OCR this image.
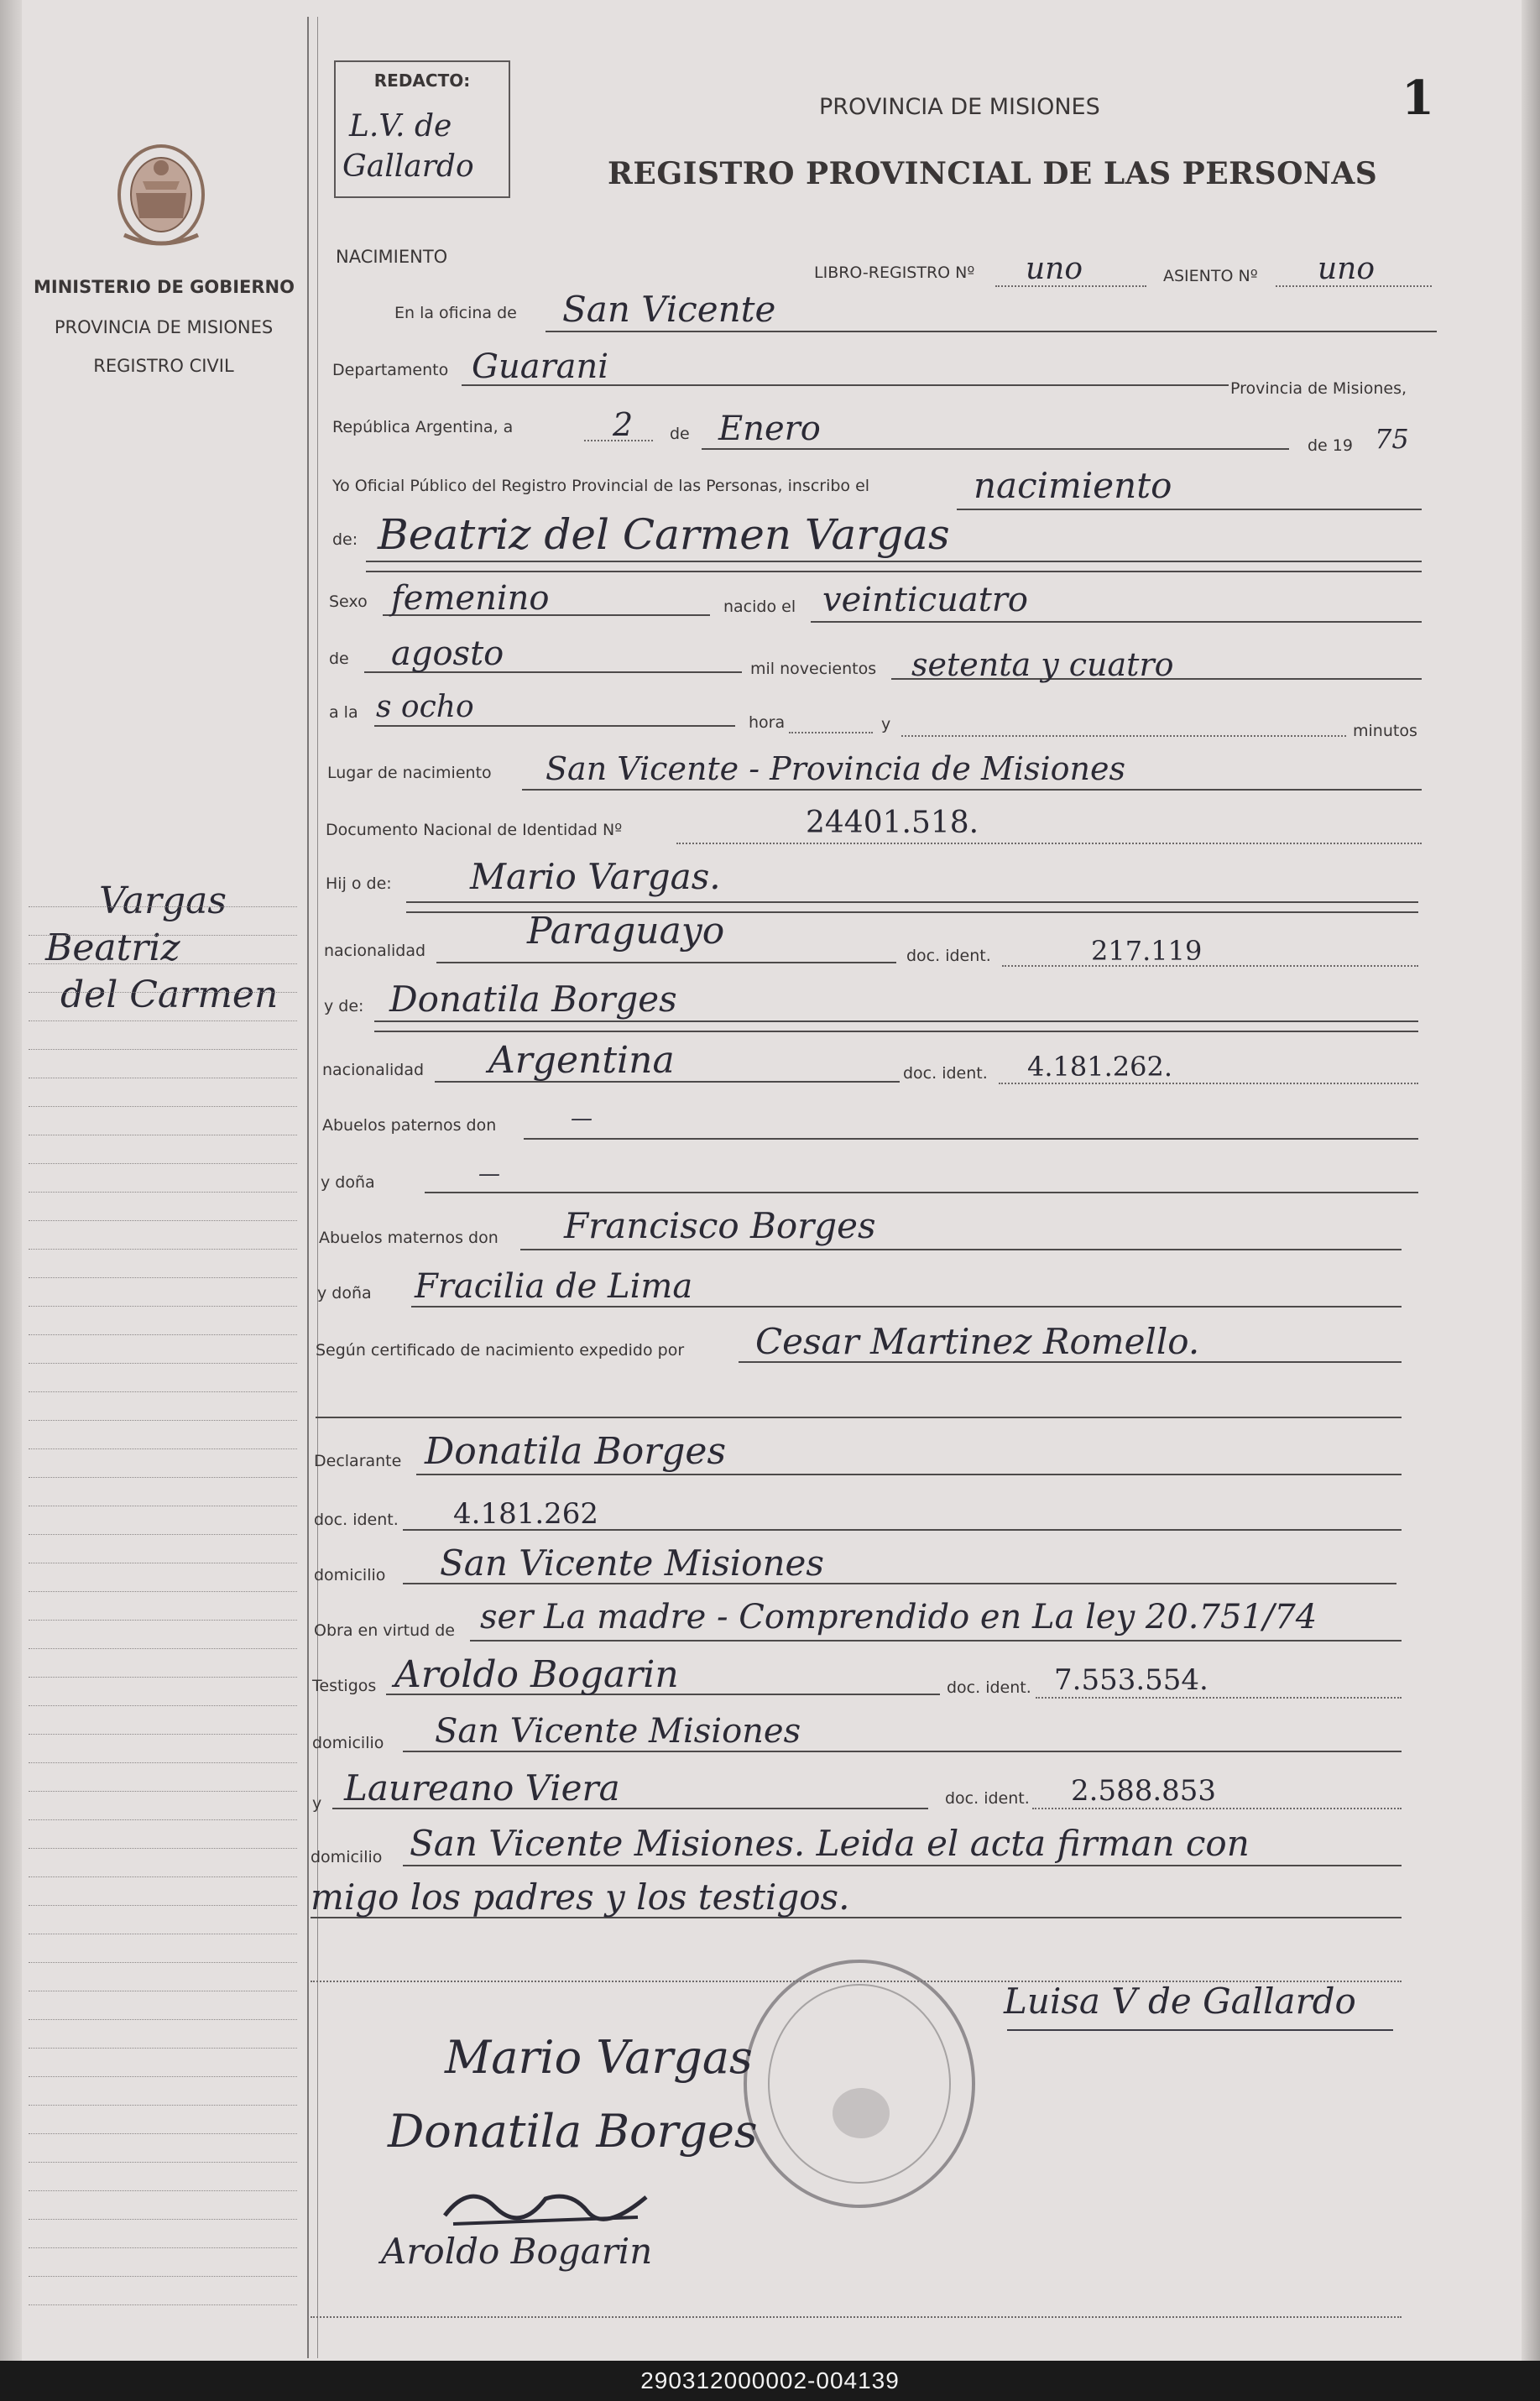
MINISTERIO DE GOBIERNO
PROVINCIA DE MISIONES
REGISTRO CIVIL
Vargas
Beatriz
del Carmen
REDACTO:
L.V. de
Gallardo
PROVINCIA DE MISIONES
REGISTRO PROVINCIAL DE LAS PERSONAS
1
NACIMIENTO
LIBRO-REGISTRO Nº uno	ASIENTO Nº uno
En la oficina de San Vicente
Departamento Guarani
Provincia de Misiones,
República Argentina, a	2 de Enero	de 19 75
Yo Oficial Público del Registro Provincial de las Personas, inscribo el	nacimiento
de: Beatriz del Carmen Vargas
Sexo femenino	nacido el veinticuatro
de agosto	mil novecientos setenta y cuatro
a la s ocho	hora	y	minutos
Lugar de nacimiento San Vicente - Provincia de Misiones
Documento Nacional de Identidad Nº	24401.518.
Hij o de: Mario Vargas.
nacionalidad	Paraguayo
doc. ident.	217.119
y de: Donatila Borges
nacionalidad Argentina	doc. ident. 4.181.262.
Abuelos paternos don	—
y doña	—
Abuelos maternos don Francisco Borges
y doña Fracilia de Lima
Según certificado de nacimiento expedido por Cesar Martinez Romello.
Declarante Donatila Borges
doc. ident. 4.181.262
domicilio San Vicente Misiones
Obra en virtud de ser La madre - Comprendido en La ley 20.751/74
Testigos Aroldo Bogarin	doc. ident. 7.553.554.
domicilio San Vicente Misiones
y Laureano Viera	doc. ident. 2.588.853
domicilio San Vicente Misiones. Leida el acta firman con
migo los padres y los testigos.
Luisa V de Gallardo
Mario Vargas
Donatila Borges
Aroldo Bogarin
290312000002-004139
